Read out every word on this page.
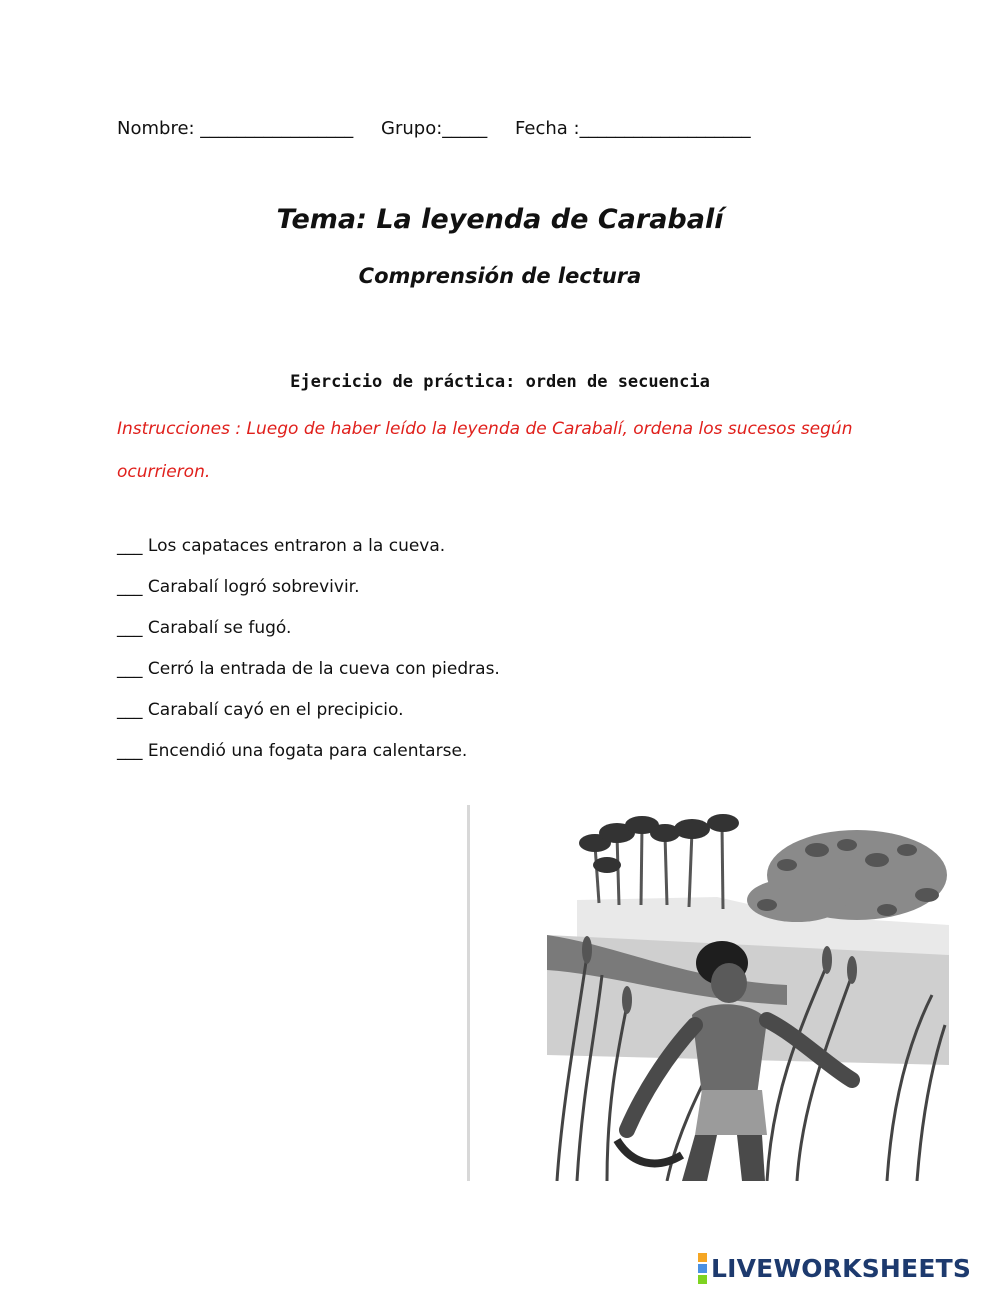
Nombre: _________________ Grupo:_____ Fecha :___________________
Tema: La leyenda de Carabalí
Comprensión de lectura
Ejercicio de práctica: orden de secuencia
Instrucciones : Luego de haber leído la leyenda de Carabalí, ordena los sucesos según ocurrieron.
___ Los capataces entraron a la cueva.
___ Carabalí logró sobrevivir.
___ Carabalí se fugó.
___ Cerró la entrada de la cueva con piedras.
___ Carabalí cayó en el precipicio.
___ Encendió una fogata para calentarse.
LIVEWORKSHEETS
